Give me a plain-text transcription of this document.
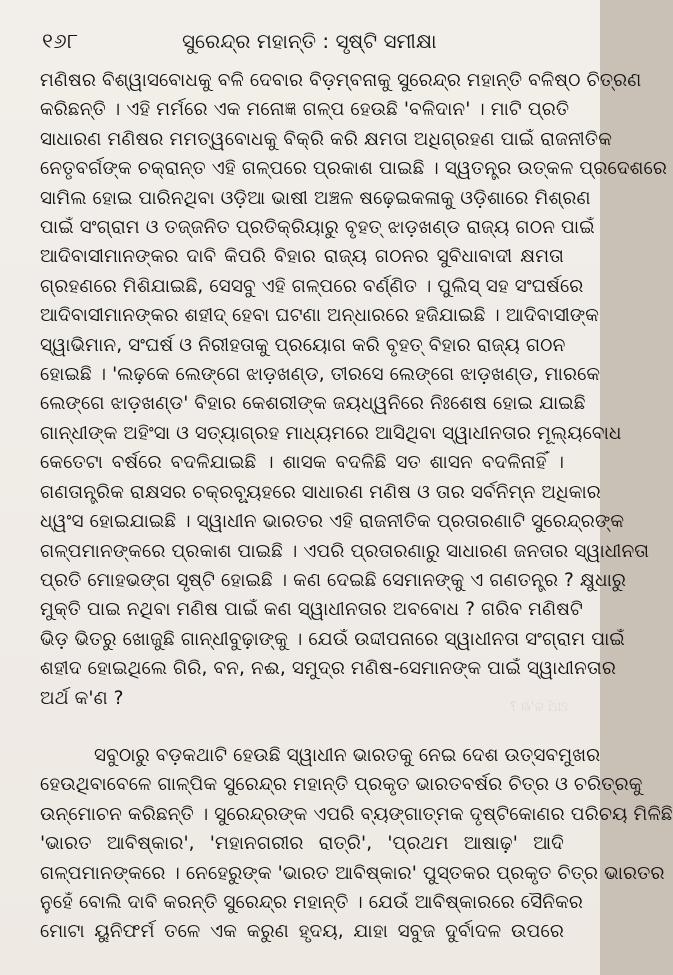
୧୬୮	ସୁରେନ୍ଦ୍ର ମହାନ୍ତି : ସୃଷ୍ଟି ସମୀକ୍ଷା
ମଣିଷର ବିଶ୍ୱାସବୋଧକୁ ବଳି ଦେବାର ବିଡ଼ମ୍ବନାକୁ ସୁରେନ୍ଦ୍ର ମହାନ୍ତି ବଳିଷ୍ଠ ଚିତ୍ରଣ
କରିଛନ୍ତି । ଏହି ମର୍ମରେ ଏକ ମନୋଜ୍ଞ ଗଳ୍ପ ହେଉଛି 'ବଳିଦାନ' । ମାଟି ପ୍ରତି
ସାଧାରଣ ମଣିଷର ମମତ୍ୱବୋଧକୁ ବିକ୍ରି କରି କ୍ଷମତା ଅଧିଗ୍ରହଣ ପାଇଁ ରାଜନୀତିକ
ନେତୃବର୍ଗଙ୍କ ଚକ୍ରାନ୍ତ ଏହି ଗଳ୍ପରେ ପ୍ରକାଶ ପାଇଛି । ସ୍ୱତନ୍ତ୍ର ଉତ୍କଳ ପ୍ରଦେଶରେ
ସାମିଲ ହୋଇ ପାରିନଥିବା ଓଡ଼ିଆ ଭାଷୀ ଅଞ୍ଚଳ ଷଢ଼େଇକଳାକୁ ଓଡ଼ିଶାରେ ମିଶ୍ରଣ
ପାଇଁ ସଂଗ୍ରାମ ଓ ତଜ୍ଜନିତ ପ୍ରତିକ୍ରିୟାରୁ ବୃହତ୍ ଝାଡ଼ଖଣ୍ଡ ରାଜ୍ୟ ଗଠନ ପାଇଁ
ଆଦିବାସୀମାନଙ୍କର ଦାବି କିପରି ବିହାର ରାଜ୍ୟ ଗଠନର ସୁବିଧାବାଦୀ କ୍ଷମତା
ଗ୍ରହଣରେ ମିଶିଯାଇଛି, ସେସବୁ ଏହି ଗଳ୍ପରେ ବର୍ଣ୍ଣିତ । ପୁଲିସ୍ ସହ ସଂଘର୍ଷରେ
ଆଦିବାସୀମାନଙ୍କର ଶହୀଦ୍ ହେବା ଘଟଣା ଅନ୍ଧାରରେ ହଜିଯାଇଛି । ଆଦିବାସୀଙ୍କ
ସ୍ୱାଭିମାନ, ସଂଘର୍ଷ ଓ ନିରୀହତାକୁ ପ୍ରୟୋଗ କରି ବୃହତ୍ ବିହାର ରାଜ୍ୟ ଗଠନ
ହୋଇଛି । 'ଲଢ଼କେ ଲେଙ୍ଗେ ଝାଡ଼ଖଣ୍ଡ, ତୀରସେ ଲେଙ୍ଗେ ଝାଡ଼ଖଣ୍ଡ, ମାରକେ
ଲେଙ୍ଗେ ଝାଡ଼ଖଣ୍ଡ' ବିହାର କେଶରୀଙ୍କ ଜୟଧ୍ୱନିରେ ନିଃଶେଷ ହୋଇ ଯାଇଛି
ଗାନ୍ଧୀଙ୍କ ଅହିଂସା ଓ ସତ୍ୟାଗ୍ରହ ମାଧ୍ୟମରେ ଆସିଥିବା ସ୍ୱାଧୀନତାର ମୂଲ୍ୟବୋଧ
କେତେଟା ବର୍ଷରେ ବଦଳିଯାଇଛି । ଶାସକ ବଦଳିଛି ସତ ଶାସନ ବଦଳିନାହିଁ ।
ଗଣତାନ୍ତ୍ରିକ ରାକ୍ଷସର ଚକ୍ରବ୍ୟୂହରେ ସାଧାରଣ ମଣିଷ ଓ ତାର ସର୍ବନିମ୍ନ ଅଧିକାର
ଧ୍ୱଂସ ହୋଇଯାଇଛି । ସ୍ୱାଧୀନ ଭାରତର ଏହି ରାଜନୀତିକ ପ୍ରତାରଣାଟି ସୁରେନ୍ଦ୍ରଙ୍କ
ଗଳ୍ପମାନଙ୍କରେ ପ୍ରକାଶ ପାଇଛି । ଏପରି ପ୍ରତାରଣାରୁ ସାଧାରଣ ଜନତାର ସ୍ୱାଧୀନତା
ପ୍ରତି ମୋହଭଙ୍ଗ ସୃଷ୍ଟି ହୋଇଛି । କଣ ଦେଇଛି ସେମାନଙ୍କୁ ଏ ଗଣତନ୍ତ୍ର ? କ୍ଷୁଧାରୁ
ମୁକ୍ତି ପାଇ ନଥିବା ମଣିଷ ପାଇଁ କଣ ସ୍ୱାଧୀନତାର ଅବବୋଧ ? ଗରିବ ମଣିଷଟି
ଭିଡ଼ ଭିତରୁ ଖୋଜୁଛି ଗାନ୍ଧୀବୁଢ଼ାଙ୍କୁ । ଯେଉଁ ଉଦ୍ଦୀପନାରେ ସ୍ୱାଧୀନତା ସଂଗ୍ରାମ ପାଇଁ
ଶହୀଦ ହୋଇଥିଲେ ଗିରି, ବନ, ନଈ, ସମୁଦ୍ର ମଣିଷ-ସେମାନଙ୍କ ପାଇଁ ସ୍ୱାଧୀନତାର
ଅର୍ଥ କ'ଣ ?
ସବୁଠାରୁ ବଡ଼କଥାଟି ହେଉଛି ସ୍ୱାଧୀନ ଭାରତକୁ ନେଇ ଦେଶ ଉତ୍ସବମୁଖର
ହେଉଥିବାବେଳେ ଗାଳ୍ପିକ ସୁରେନ୍ଦ୍ର ମହାନ୍ତି ପ୍ରକୃତ ଭାରତବର୍ଷର ଚିତ୍ର ଓ ଚରିତ୍ରକୁ
ଉନ୍ମୋଚନ କରିଛନ୍ତି । ସୁରେନ୍ଦ୍ରଙ୍କ ଏପରି ବ୍ୟଙ୍ଗାତ୍ମକ ଦୃଷ୍ଟିକୋଣର ପରିଚୟ ମିଳିଛି
'ଭାରତ ଆବିଷ୍କାର', 'ମହାନଗରୀର ରାତ୍ରି', 'ପ୍ରଥମ ଆଷାଢ଼' ଆଦି
ଗଳ୍ପମାନଙ୍କରେ । ନେହେରୁଙ୍କ 'ଭାରତ ଆବିଷ୍କାର' ପୁସ୍ତକର ପ୍ରକୃତ ଚିତ୍ର ଭାରତର
ନୁହେଁ ବୋଲି ଦାବି କରନ୍ତି ସୁରେନ୍ଦ୍ର ମହାନ୍ତି । ଯେଉଁ ଆବିଷ୍କାରରେ ସୈନିକର
ମୋଟା ୟୁନିଫର୍ମ ତଳେ ଏକ କରୁଣ ହୃଦୟ, ଯାହା ସବୁଜ ଦୁର୍ବାଦଳ ଉପରେ
ଅର୍ଥ କ'ଣ ?
